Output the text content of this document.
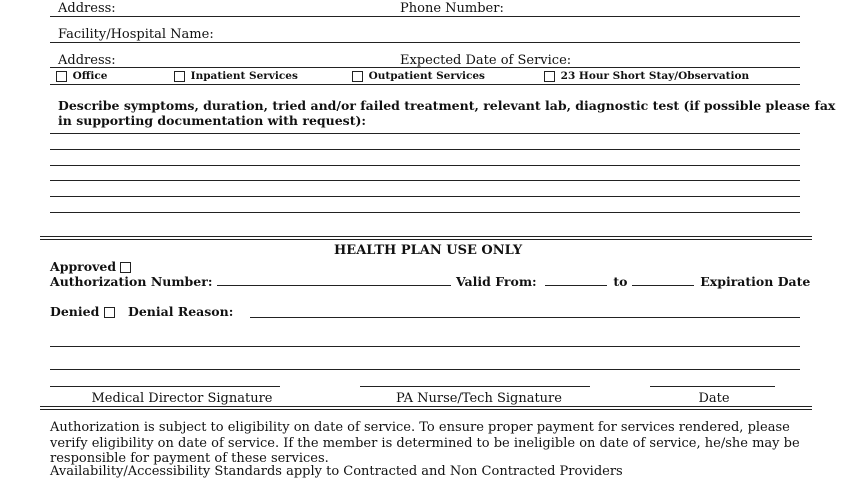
Address:	Phone Number:
Facility/Hospital Name:
Address:	Expected Date of Service:
Office	Inpatient Services	Outpatient Services	23 Hour Short Stay/Observation
Describe symptoms, duration, tried and/or failed treatment, relevant lab, diagnostic test (if possible please fax
in supporting documentation with request):
HEALTH PLAN USE ONLY
Approved
Authorization Number:	Valid From:	to	Expiration Date
Denied	Denial Reason:
Medical Director Signature	PA Nurse/Tech Signature	Date
Authorization is subject to eligibility on date of service. To ensure proper payment for services rendered, please verify eligibility on date of service. If the member is determined to be ineligible on date of service, he/she may be responsible for payment of these services.
Availability/Accessibility Standards apply to Contracted and Non Contracted Providers
